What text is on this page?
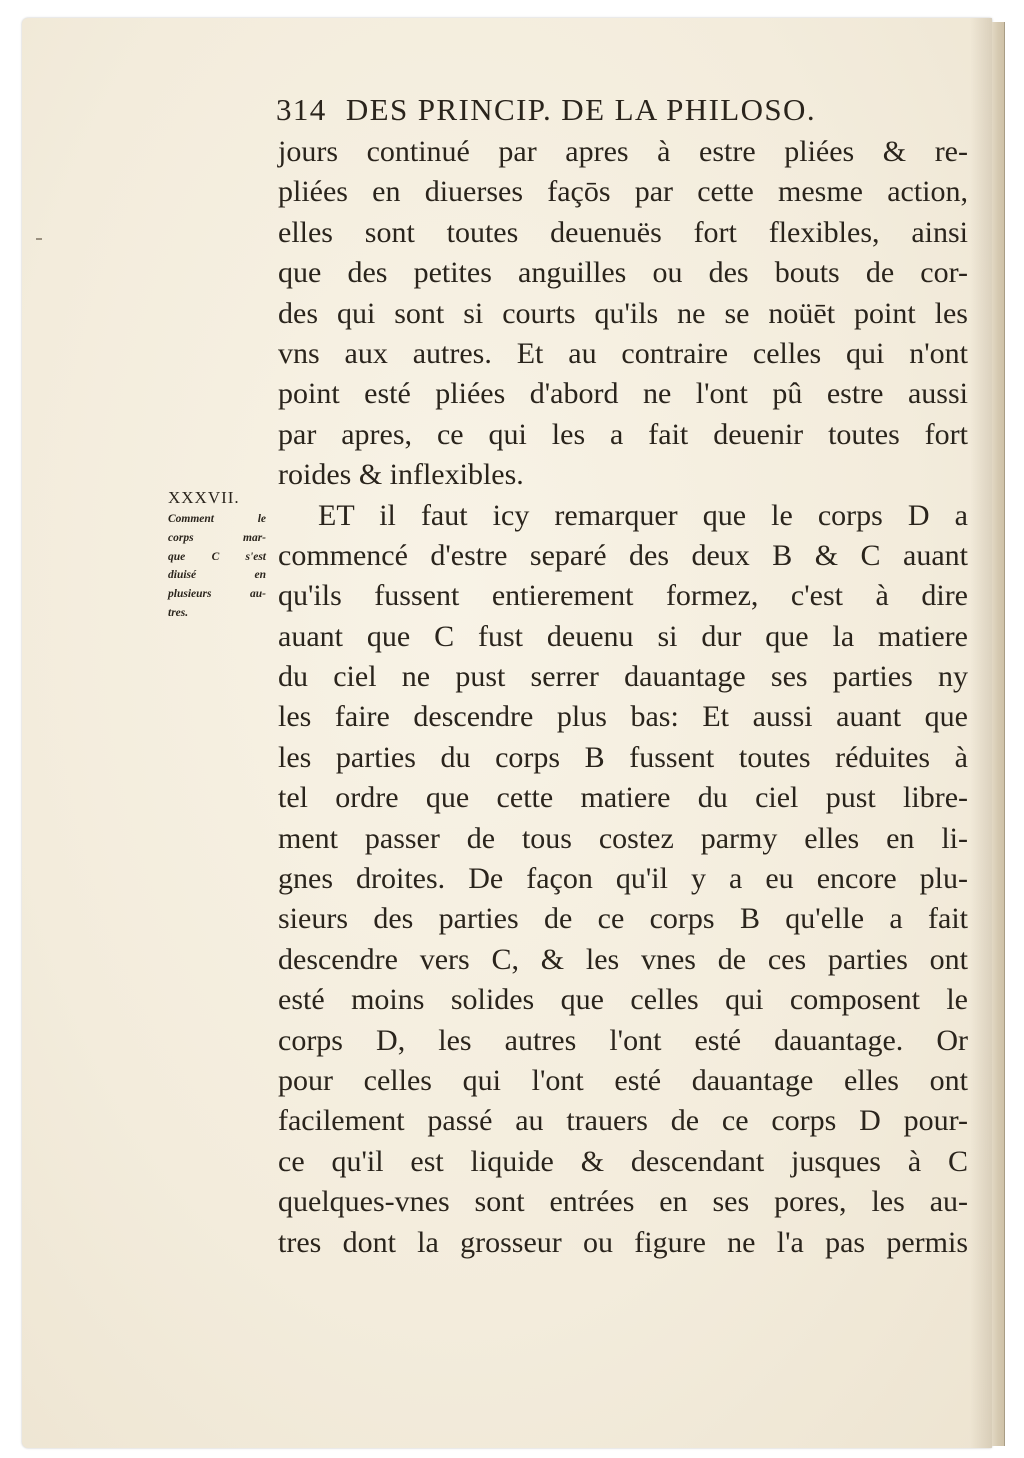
314 DES PRINCIP. DE LA PHILOSO.
XXXVII.
Comment le
corps mar-
que C s'est
diuisé en
plusieurs au-
tres.
jours continué par apres à estre pliées & re-
pliées en diuerses façōs par cette mesme action,
elles sont toutes deuenuës fort flexibles, ainsi
que des petites anguilles ou des bouts de cor-
des qui sont si courts qu'ils ne se noüēt point les
vns aux autres. Et au contraire celles qui n'ont
point esté pliées d'abord ne l'ont pû estre aussi
par apres, ce qui les a fait deuenir toutes fort
roides & inflexibles.
ET il faut icy remarquer que le corps D a
commencé d'estre separé des deux B & C auant
qu'ils fussent entierement formez, c'est à dire
auant que C fust deuenu si dur que la matiere
du ciel ne pust serrer dauantage ses parties ny
les faire descendre plus bas: Et aussi auant que
les parties du corps B fussent toutes réduites à
tel ordre que cette matiere du ciel pust libre-
ment passer de tous costez parmy elles en li-
gnes droites. De façon qu'il y a eu encore plu-
sieurs des parties de ce corps B qu'elle a fait
descendre vers C, & les vnes de ces parties ont
esté moins solides que celles qui composent le
corps D, les autres l'ont esté dauantage. Or
pour celles qui l'ont esté dauantage elles ont
facilement passé au trauers de ce corps D pour-
ce qu'il est liquide & descendant jusques à C
quelques-vnes sont entrées en ses pores, les au-
tres dont la grosseur ou figure ne l'a pas permis
